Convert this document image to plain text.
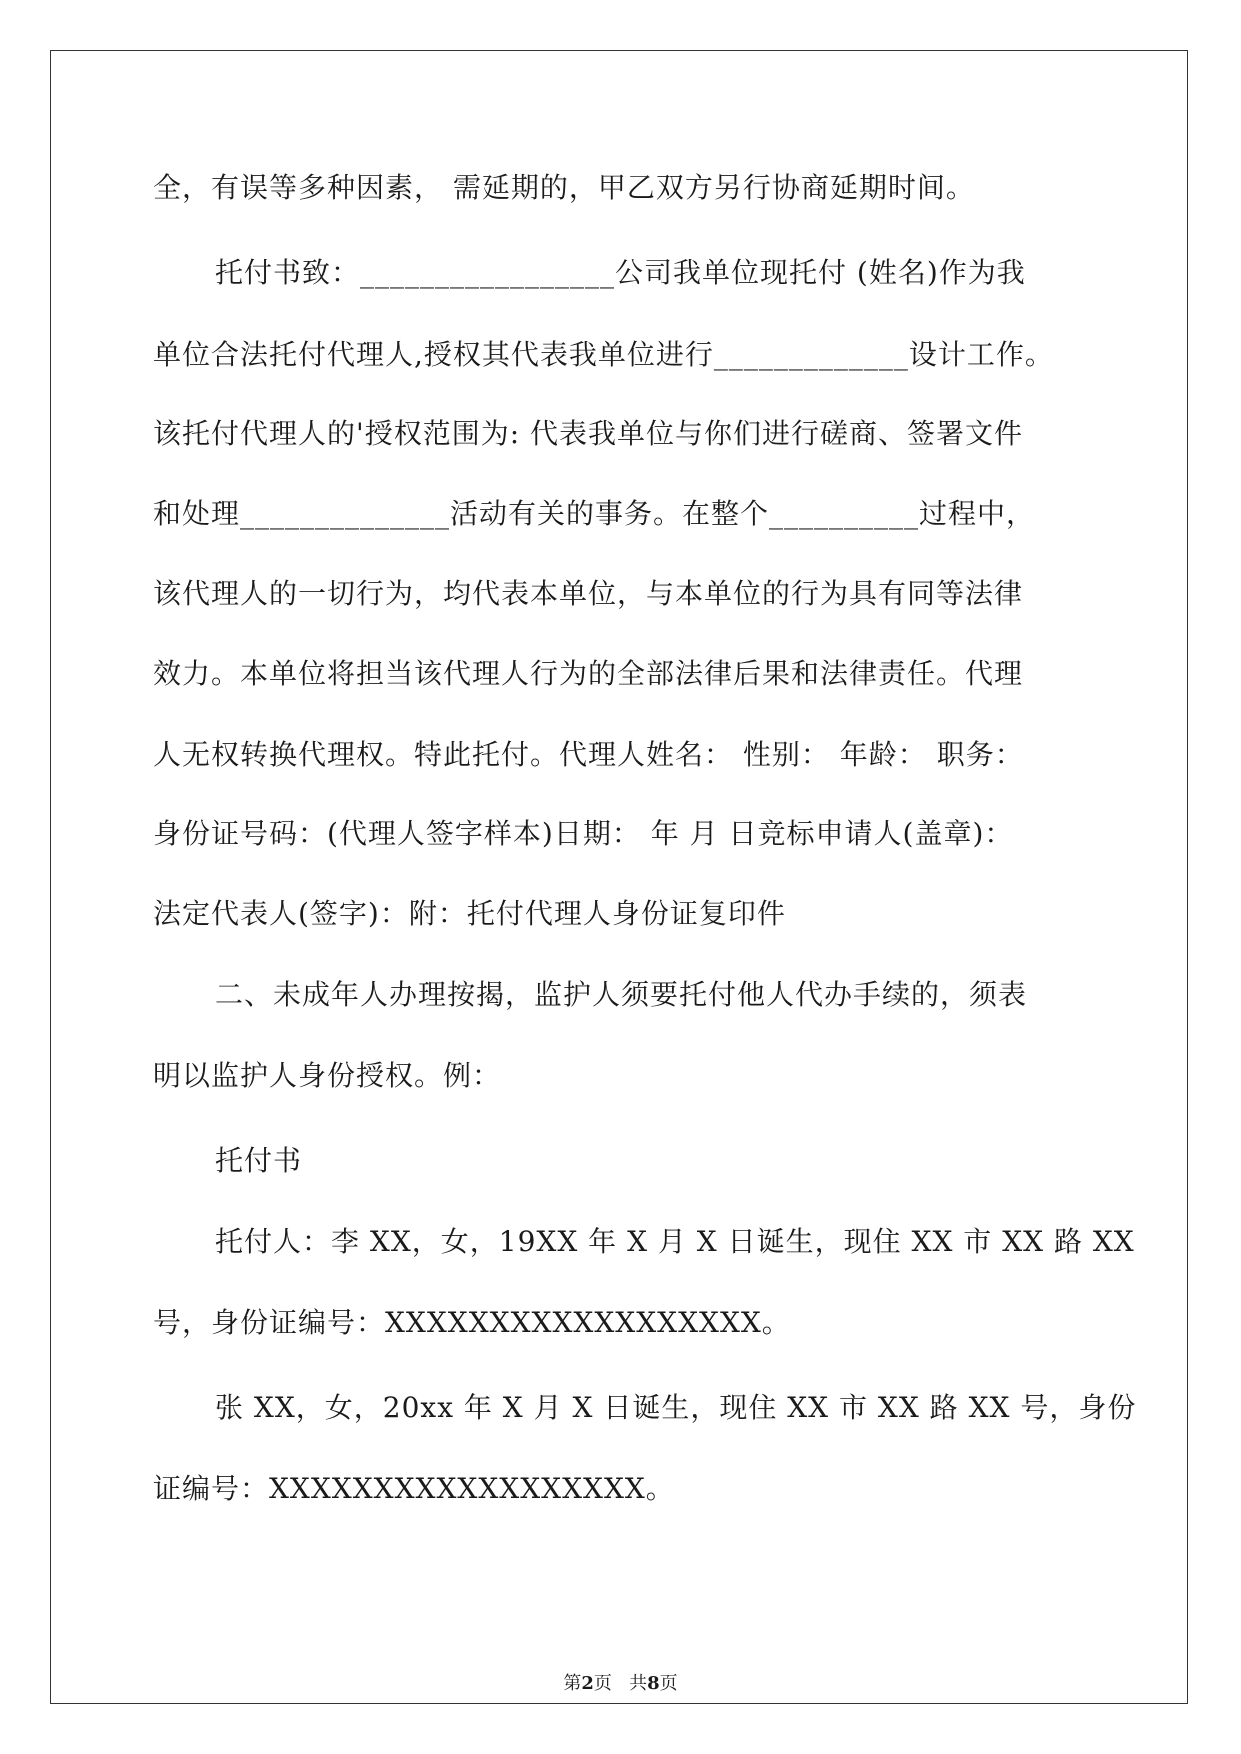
全，有误等多种因素， 需延期的，甲乙双方另行协商延期时间。
托付书致：_________________公司我单位现托付 (姓名)作为我
单位合法托付代理人,授权其代表我单位进行_____________设计工作。
该托付代理人的'授权范围为: 代表我单位与你们进行磋商、签署文件
和处理______________活动有关的事务。在整个__________过程中，
该代理人的一切行为，均代表本单位，与本单位的行为具有同等法律
效力。本单位将担当该代理人行为的全部法律后果和法律责任。代理
人无权转换代理权。特此托付。代理人姓名： 性别： 年龄： 职务：
身份证号码：(代理人签字样本)日期： 年 月 日竞标申请人(盖章)：
法定代表人(签字)：附：托付代理人身份证复印件
二、未成年人办理按揭，监护人须要托付他人代办手续的，须表
明以监护人身份授权。例：
托付书
托付人：李 XX，女，19XX 年 X 月 X 日诞生，现住 XX 市 XX 路 XX
号，身份证编号：XXXXXXXXXXXXXXXXXX。
张 XX，女，20xx 年 X 月 X 日诞生，现住 XX 市 XX 路 XX 号，身份
证编号：XXXXXXXXXXXXXXXXXX。
第2页 共8页
